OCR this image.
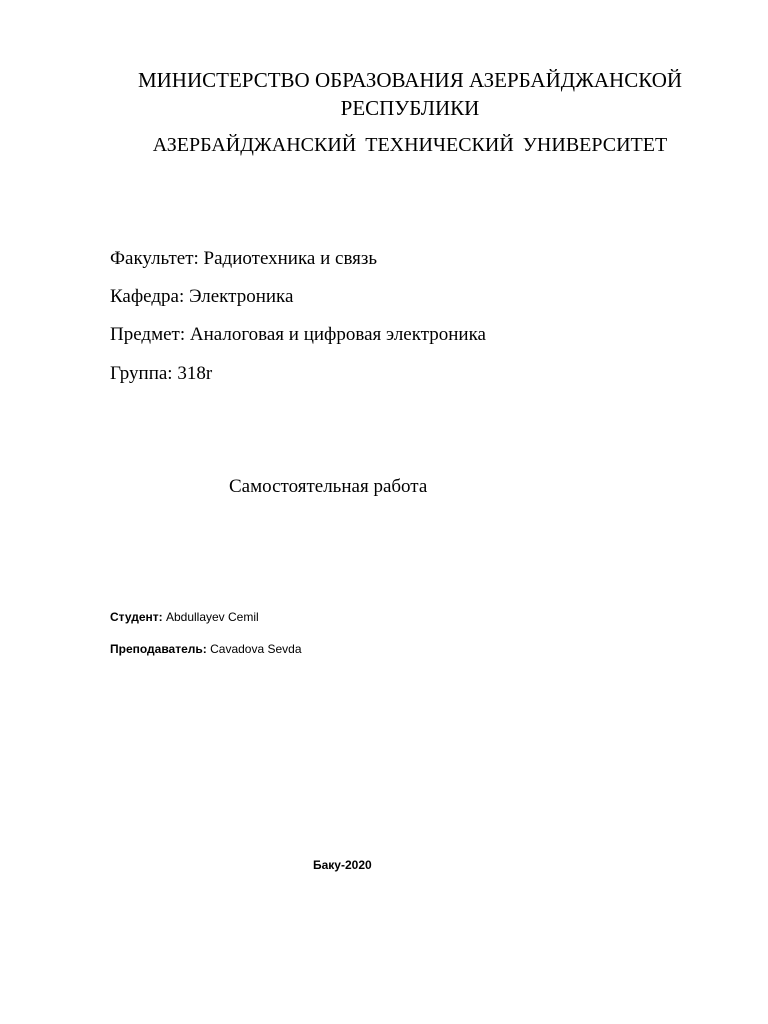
МИНИСТЕРСТВО ОБРАЗОВАНИЯ АЗЕРБАЙДЖАНСКОЙ РЕСПУБЛИКИ
АЗЕРБАЙДЖАНСКИЙ ТЕХНИЧЕСКИЙ УНИВЕРСИТЕТ
Факультет: Радиотехника и связь
Кафедра: Электроника
Предмет: Аналоговая и цифровая электроника
Группа: 318r
Самостоятельная работа
Студент: Abdullayev Cemil
Преподаватель: Cavadova Sevda
Баку-2020
